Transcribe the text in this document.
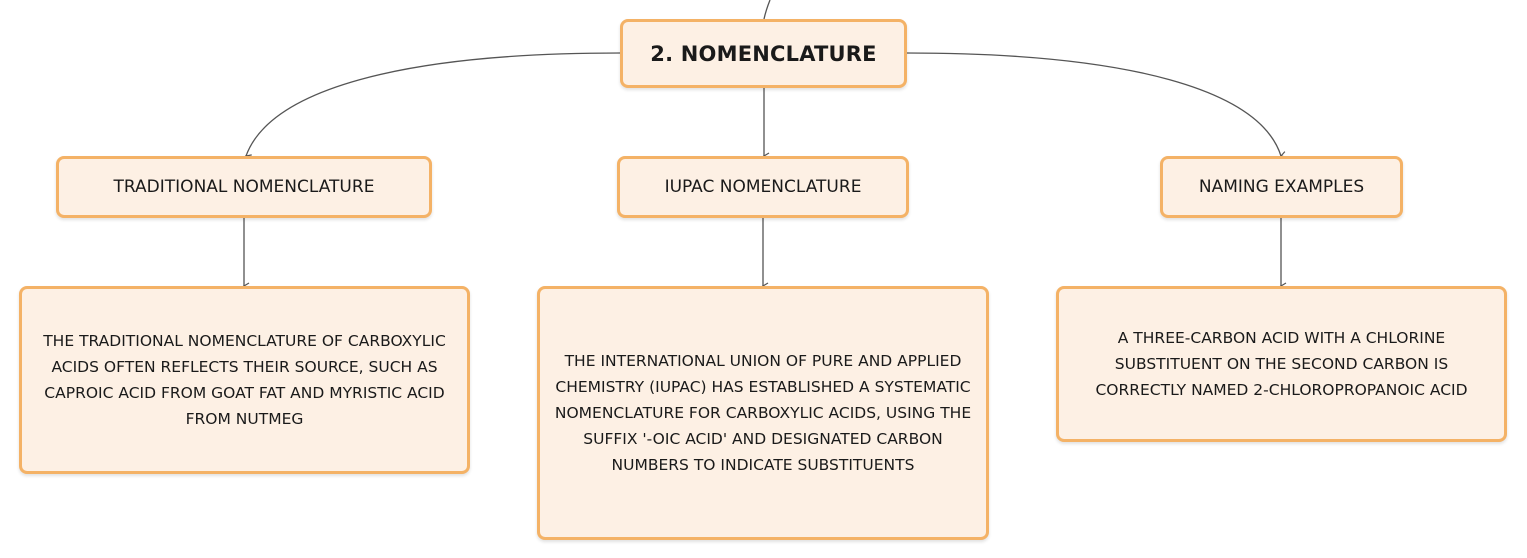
2. NOMENCLATURE
TRADITIONAL NOMENCLATURE	IUPAC NOMENCLATURE	NAMING EXAMPLES
THE TRADITIONAL NOMENCLATURE OF CARBOXYLIC ACIDS OFTEN REFLECTS THEIR SOURCE, SUCH AS CAPROIC ACID FROM GOAT FAT AND MYRISTIC ACID FROM NUTMEG
THE INTERNATIONAL UNION OF PURE AND APPLIED CHEMISTRY (IUPAC) HAS ESTABLISHED A SYSTEMATIC NOMENCLATURE FOR CARBOXYLIC ACIDS, USING THE SUFFIX '-OIC ACID' AND DESIGNATED CARBON NUMBERS TO INDICATE SUBSTITUENTS
A THREE-CARBON ACID WITH A CHLORINE SUBSTITUENT ON THE SECOND CARBON IS CORRECTLY NAMED 2-CHLOROPROPANOIC ACID
